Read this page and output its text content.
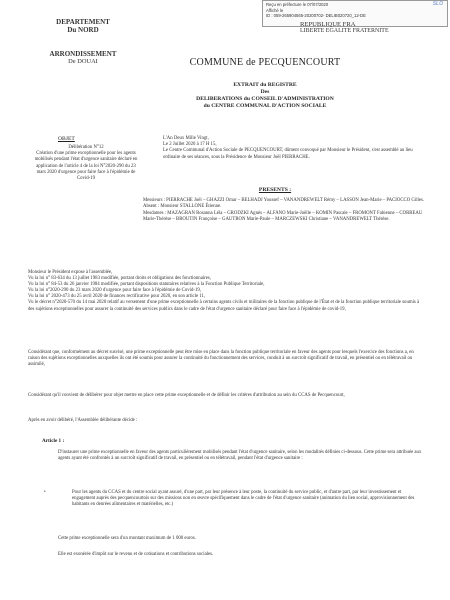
SLO
Reçu en préfecture le 07/07/2020
Affiché le
ID : 059-265904565-20200702- DELIB020720_12-DE
DEPARTEMENT
Du NORD
ARRONDISSEMENT
De DOUAI
REPUBLIQUE FRA
LIBERTE EGALITE FRATERNITE
COMMUNE de PECQUENCOURT
EXTRAIT du REGISTRE
Des
DELIBERATIONS du CONSEIL D'ADMINISTRATION
du CENTRE COMMUNAL D'ACTION SOCIALE
OBJET
Délibération N°12
Création d'une prime exceptionnelle pour les agents mobilisés pendant l'état d'urgence sanitaire déclaré en application de l'article 4 de la loi N°2020-290 du 23 mars 2020 d'urgence pour faire face à l'épidémie de Covid-19
L'An Deux Mille Vingt,
Le 2 Juillet 2020 à 17 H 15,
Le Centre Communal d'Action Sociale de PECQUENCOURT, dûment convoqué par Monsieur le Président, s'est assemblé au lieu ordinaire de ses séances, sous la Présidence de Monsieur Joël PIERRACHE.
PRESENTS :
Messieurs : PIERRACHE Joël – GHAZZI Omar – BELHADJ Youssef – VANANDREWELT Rémy – LASSON Jean-Marie – PACIOCCO Gilles.
Absent : Monsieur STALLONE Étienne.
Mesdames : MAZAGRAN Rosanna Léla – GRODZKI Agnès – ALFANO Marie-Joëlle – KOMIN Pascale – FROMONT Fabienne – CORREAU Marie-Thérèse – BROUTIN Françoise – GAUTRON Marie-Paule – MARCZEWSKI Christiane – VANANDREWELT Thérèse.

Monsieur le Président expose à l'assemblée,

Vu la loi n° 83-634 du 13 juillet 1983 modifiée, portant droits et obligations des fonctionnaires,

Vu la loi n° 84-53 du 26 janvier 1984 modifiée, portant dispositions statutaires relatives à la Fonction Publique Territoriale,

Vu la loi n°2020-290 du 23 mars 2020 d'urgence pour faire face à l'épidémie de Covid-19,

Vu la loi n° 2020-473 du 25 avril 2020 de finances rectificative pour 2020, en son article 11,

Vu le décret n°2020-570 du 14 mai 2020 relatif au versement d'une prime exceptionnelle à certains agents civils et militaires de la fonction publique de l'État et de la fonction publique territoriale soumis à des sujétions exceptionnelles pour assurer la continuité des services publics dans le cadre de l'état d'urgence sanitaire déclaré pour faire face à l'épidémie de covid-19,

Considérant que, conformément au décret susvisé, une prime exceptionnelle peut être mise en place dans la fonction publique territoriale en faveur des agents pour lesquels l'exercice des fonctions a, en raison des sujétions exceptionnelles auxquelles ils ont été soumis pour assurer la continuité du fonctionnement des services, conduit à un surcroît significatif de travail, en présentiel ou en télétravail ou assimilé,

Considérant qu'il convient de délibérer pour objet mettre en place cette prime exceptionnelle et de définir les critères d'attribution au sein du CCAS de Pecquencourt,

Après en avoir délibéré, l'Assemblée délibérante décide :

Article 1 :
D'instaurer une prime exceptionnelle en faveur des agents particulièrement mobilisés pendant l'état d'urgence sanitaire, selon les modalités définies ci-dessous. Cette prime sera attribuée aux agents ayant été confrontés à un surcroît significatif de travail, en présentiel ou en télétravail, pendant l'état d'urgence sanitaire :
•	Pour les agents du CCAS et du centre social ayant assuré, d'une part, par leur présence à leur poste, la continuité du service public, et d'autre part, par leur investissement et engagement auprès des pecquencourtois sur des missions non en œuvre spécifiquement dans le cadre de l'état d'urgence sanitaire (animation du lien social, approvisionnement des habitants en denrées alimentaires et matérielles, etc.)
Cette prime exceptionnelle sera d'un montant maximum de 1 000 euros.
Elle est exonérée d'impôt sur le revenu et de cotisations et contributions sociales.
